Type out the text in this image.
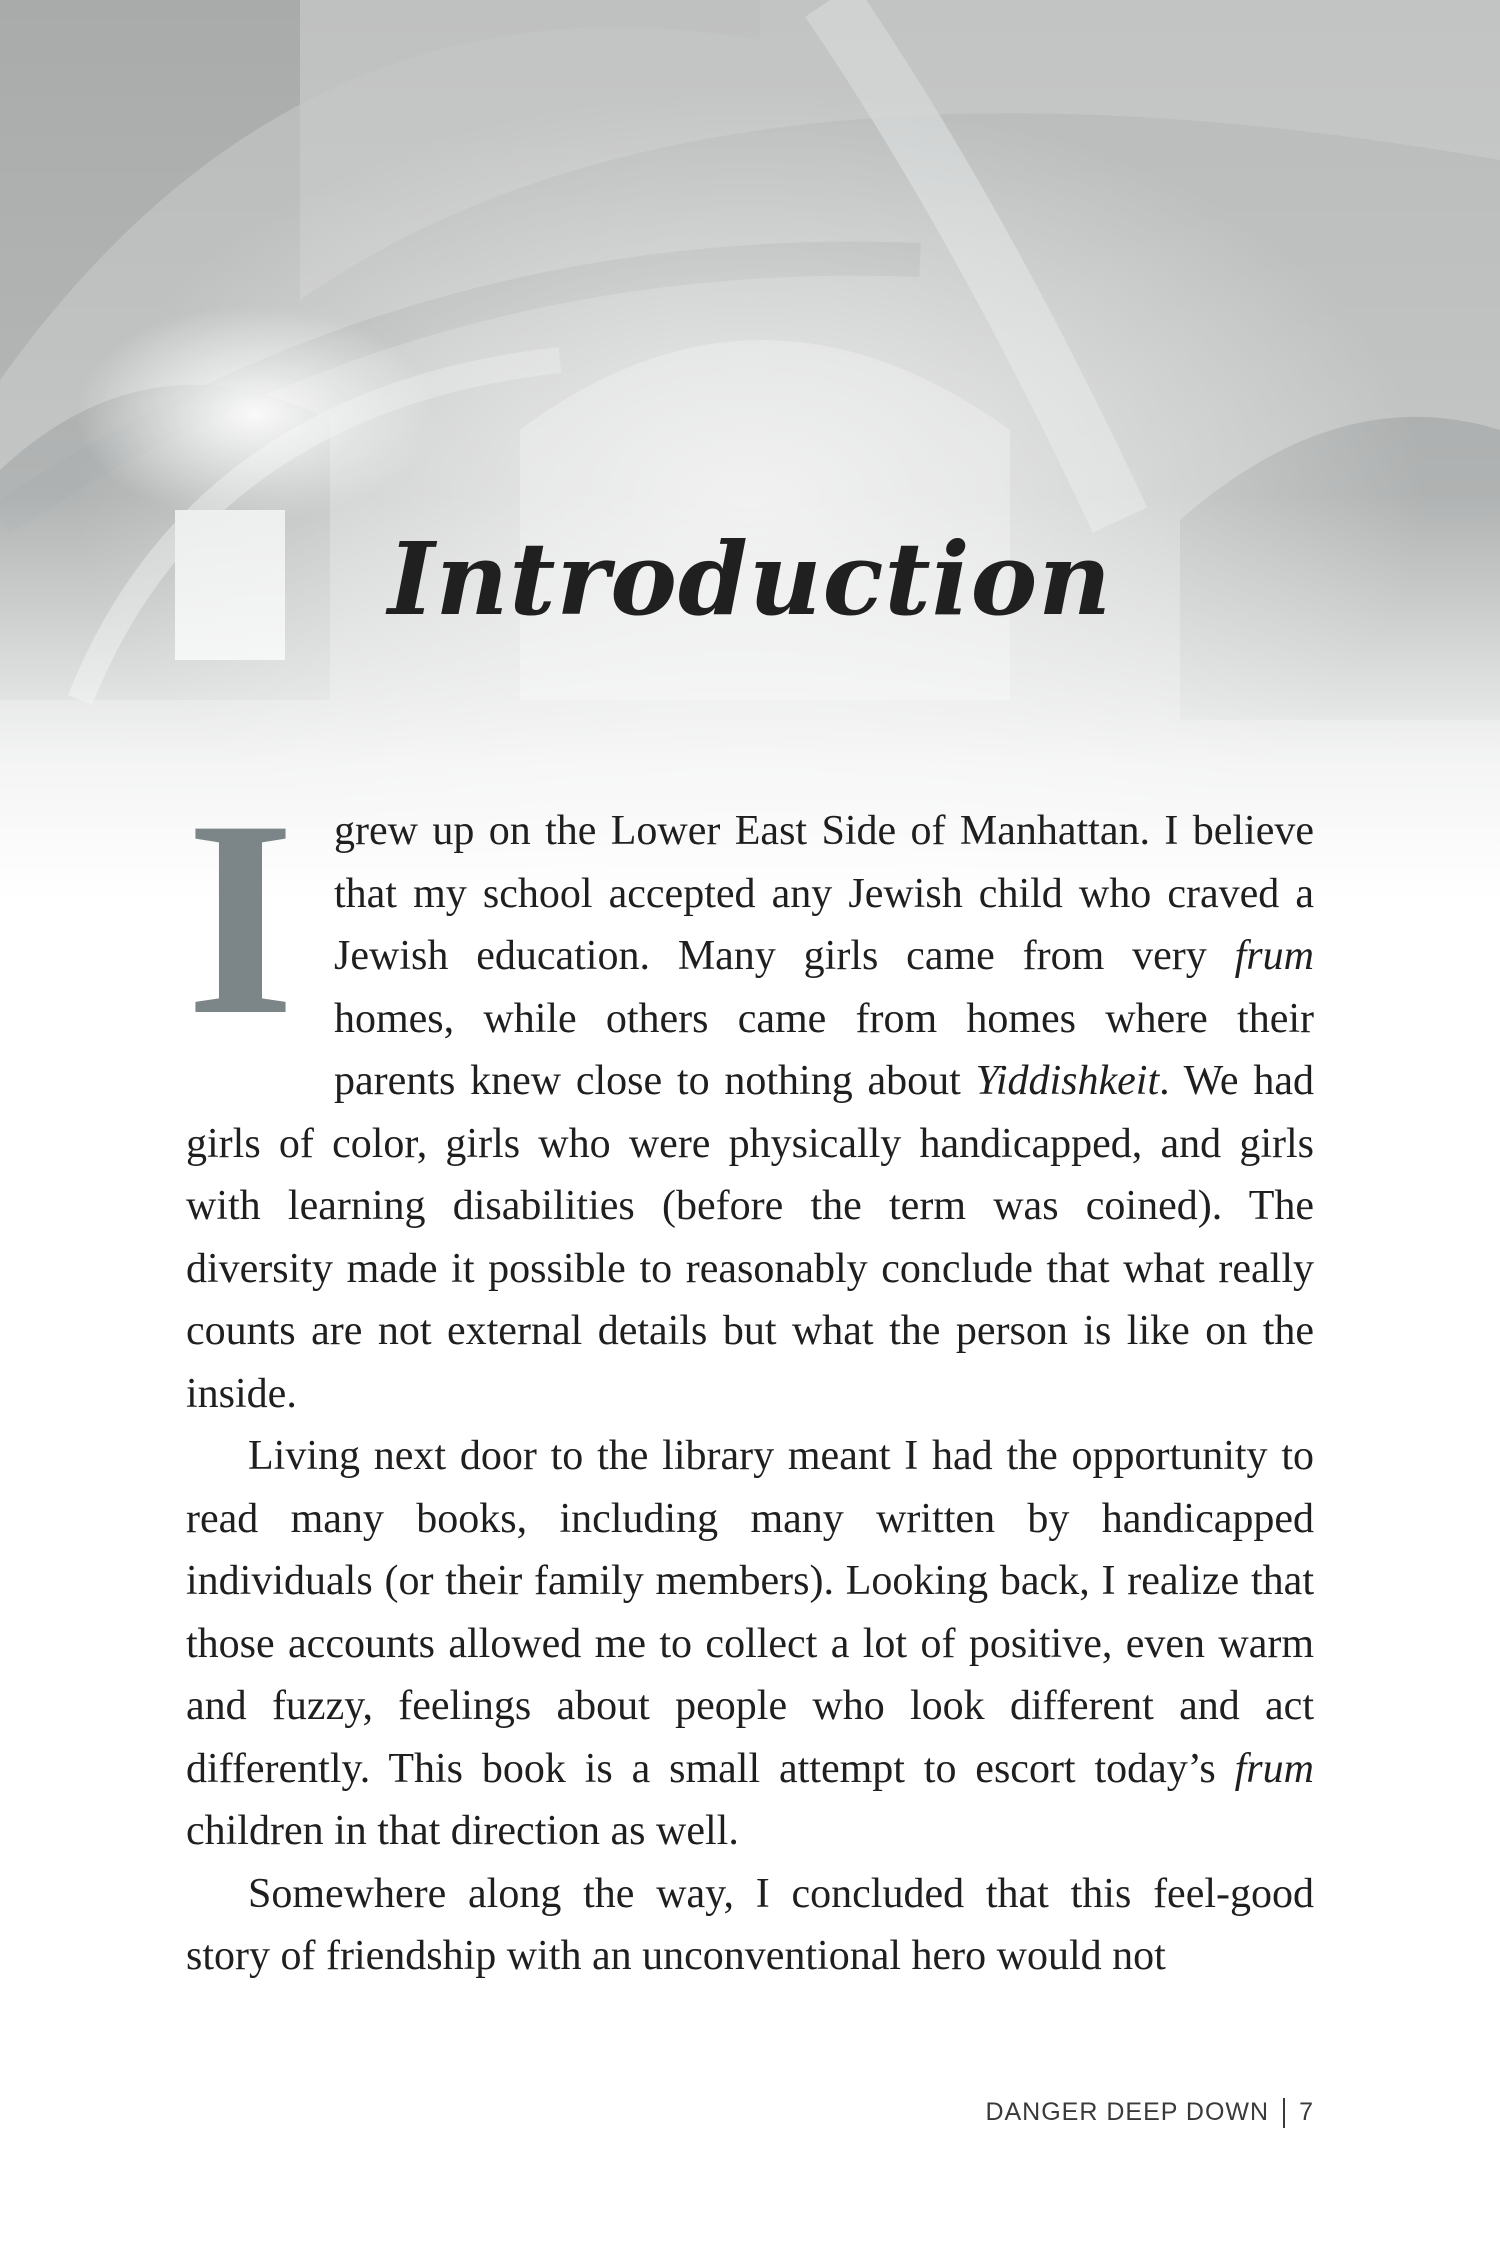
Introduction

Igrew up on the Lower East Side of Manhattan. I believe that my school accepted any Jewish child who craved a Jewish education. Many girls came from very frum homes, while others came from homes where their parents knew close to nothing about Yiddishkeit. We had girls of color, girls who were physically handicapped, and girls with learning disabilities (before the term was coined). The diversity made it possible to reasonably conclude that what really counts are not external details but what the person is like on the inside.

Living next door to the library meant I had the opportunity to read many books, including many written by handicapped individuals (or their family members). Looking back, I realize that those accounts allowed me to collect a lot of positive, even warm and fuzzy, feelings about people who look different and act differently. This book is a small attempt to escort today’s frum children in that direction as well.

Somewhere along the way, I concluded that this feel-good story of friendship with an unconventional hero would not

DANGER DEEP DOWN 7
